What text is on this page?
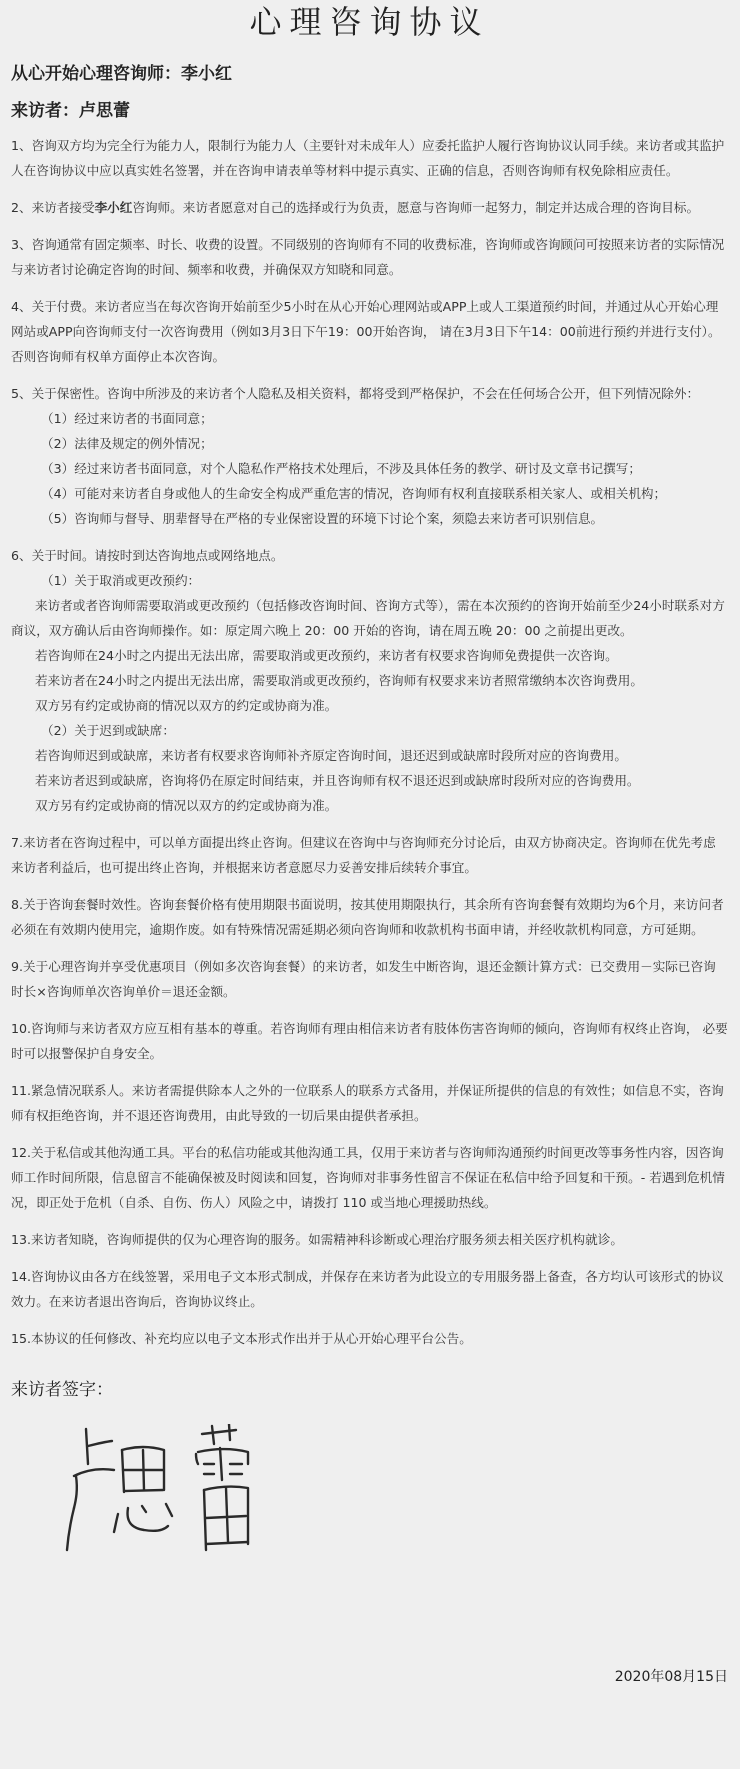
心理咨询协议
从心开始心理咨询师：李小红
来访者：卢思蕾

1、咨询双方均为完全行为能力人，限制行为能力人（主要针对未成年人）应委托监护人履行咨询协议认同手续。来访者或其监护人在咨询协议中应以真实姓名签署，并在咨询申请表单等材料中提示真实、正确的信息，否则咨询师有权免除相应责任。

2、来访者接受李小红咨询师。来访者愿意对自己的选择或行为负责，愿意与咨询师一起努力，制定并达成合理的咨询目标。

3、咨询通常有固定频率、时长、收费的设置。不同级别的咨询师有不同的收费标准，咨询师或咨询顾问可按照来访者的实际情况与来访者讨论确定咨询的时间、频率和收费，并确保双方知晓和同意。

4、关于付费。来访者应当在每次咨询开始前至少5小时在从心开始心理网站或APP上或人工渠道预约时间，并通过从心开始心理网站或APP向咨询师支付一次咨询费用（例如3月3日下午19：00开始咨询， 请在3月3日下午14：00前进行预约并进行支付）。否则咨询师有权单方面停止本次咨询。

5、关于保密性。咨询中所涉及的来访者个人隐私及相关资料，都将受到严格保护，不会在任何场合公开，但下列情况除外：

（1）经过来访者的书面同意；
（2）法律及规定的例外情况；
（3）经过来访者书面同意，对个人隐私作严格技术处理后，不涉及具体任务的教学、研讨及文章书记撰写；
（4）可能对来访者自身或他人的生命安全构成严重危害的情况，咨询师有权利直接联系相关家人、或相关机构；
（5）咨询师与督导、朋辈督导在严格的专业保密设置的环境下讨论个案，须隐去来访者可识别信息。

6、关于时间。请按时到达咨询地点或网络地点。

（1）关于取消或更改预约：
来访者或者咨询师需要取消或更改预约（包括修改咨询时间、咨询方式等），需在本次预约的咨询开始前至少24小时联系对方商议，双方确认后由咨询师操作。如：原定周六晚上 20：00 开始的咨询，请在周五晚 20：00 之前提出更改。
若咨询师在24小时之内提出无法出席，需要取消或更改预约，来访者有权要求咨询师免费提供一次咨询。
若来访者在24小时之内提出无法出席，需要取消或更改预约，咨询师有权要求来访者照常缴纳本次咨询费用。
双方另有约定或协商的情况以双方的约定或协商为准。
（2）关于迟到或缺席：
若咨询师迟到或缺席，来访者有权要求咨询师补齐原定咨询时间，退还迟到或缺席时段所对应的咨询费用。
若来访者迟到或缺席，咨询将仍在原定时间结束，并且咨询师有权不退还迟到或缺席时段所对应的咨询费用。
双方另有约定或协商的情况以双方的约定或协商为准。

7.来访者在咨询过程中，可以单方面提出终止咨询。但建议在咨询中与咨询师充分讨论后，由双方协商决定。咨询师在优先考虑来访者利益后，也可提出终止咨询，并根据来访者意愿尽力妥善安排后续转介事宜。

8.关于咨询套餐时效性。咨询套餐价格有使用期限书面说明，按其使用期限执行，其余所有咨询套餐有效期均为6个月，来访问者必须在有效期内使用完，逾期作废。如有特殊情况需延期必须向咨询师和收款机构书面申请，并经收款机构同意，方可延期。

9.关于心理咨询并享受优惠项目（例如多次咨询套餐）的来访者，如发生中断咨询，退还金额计算方式：已交费用－实际已咨询时长×咨询师单次咨询单价＝退还金额。

10.咨询师与来访者双方应互相有基本的尊重。若咨询师有理由相信来访者有肢体伤害咨询师的倾向，咨询师有权终止咨询， 必要时可以报警保护自身安全。

11.紧急情况联系人。来访者需提供除本人之外的一位联系人的联系方式备用，并保证所提供的信息的有效性；如信息不实，咨询师有权拒绝咨询，并不退还咨询费用，由此导致的一切后果由提供者承担。

12.关于私信或其他沟通工具。平台的私信功能或其他沟通工具，仅用于来访者与咨询师沟通预约时间更改等事务性内容，因咨询师工作时间所限，信息留言不能确保被及时阅读和回复，咨询师对非事务性留言不保证在私信中给予回复和干预。- 若遇到危机情况，即正处于危机（自杀、自伤、伤人）风险之中，请拨打 110 或当地心理援助热线。

13.来访者知晓，咨询师提供的仅为心理咨询的服务。如需精神科诊断或心理治疗服务须去相关医疗机构就诊。

14.咨询协议由各方在线签署，采用电子文本形式制成，并保存在来访者为此设立的专用服务器上备查，各方均认可该形式的协议效力。在来访者退出咨询后，咨询协议终止。

15.本协议的任何修改、补充均应以电子文本形式作出并于从心开始心理平台公告。

来访者签字：
2020年08月15日
